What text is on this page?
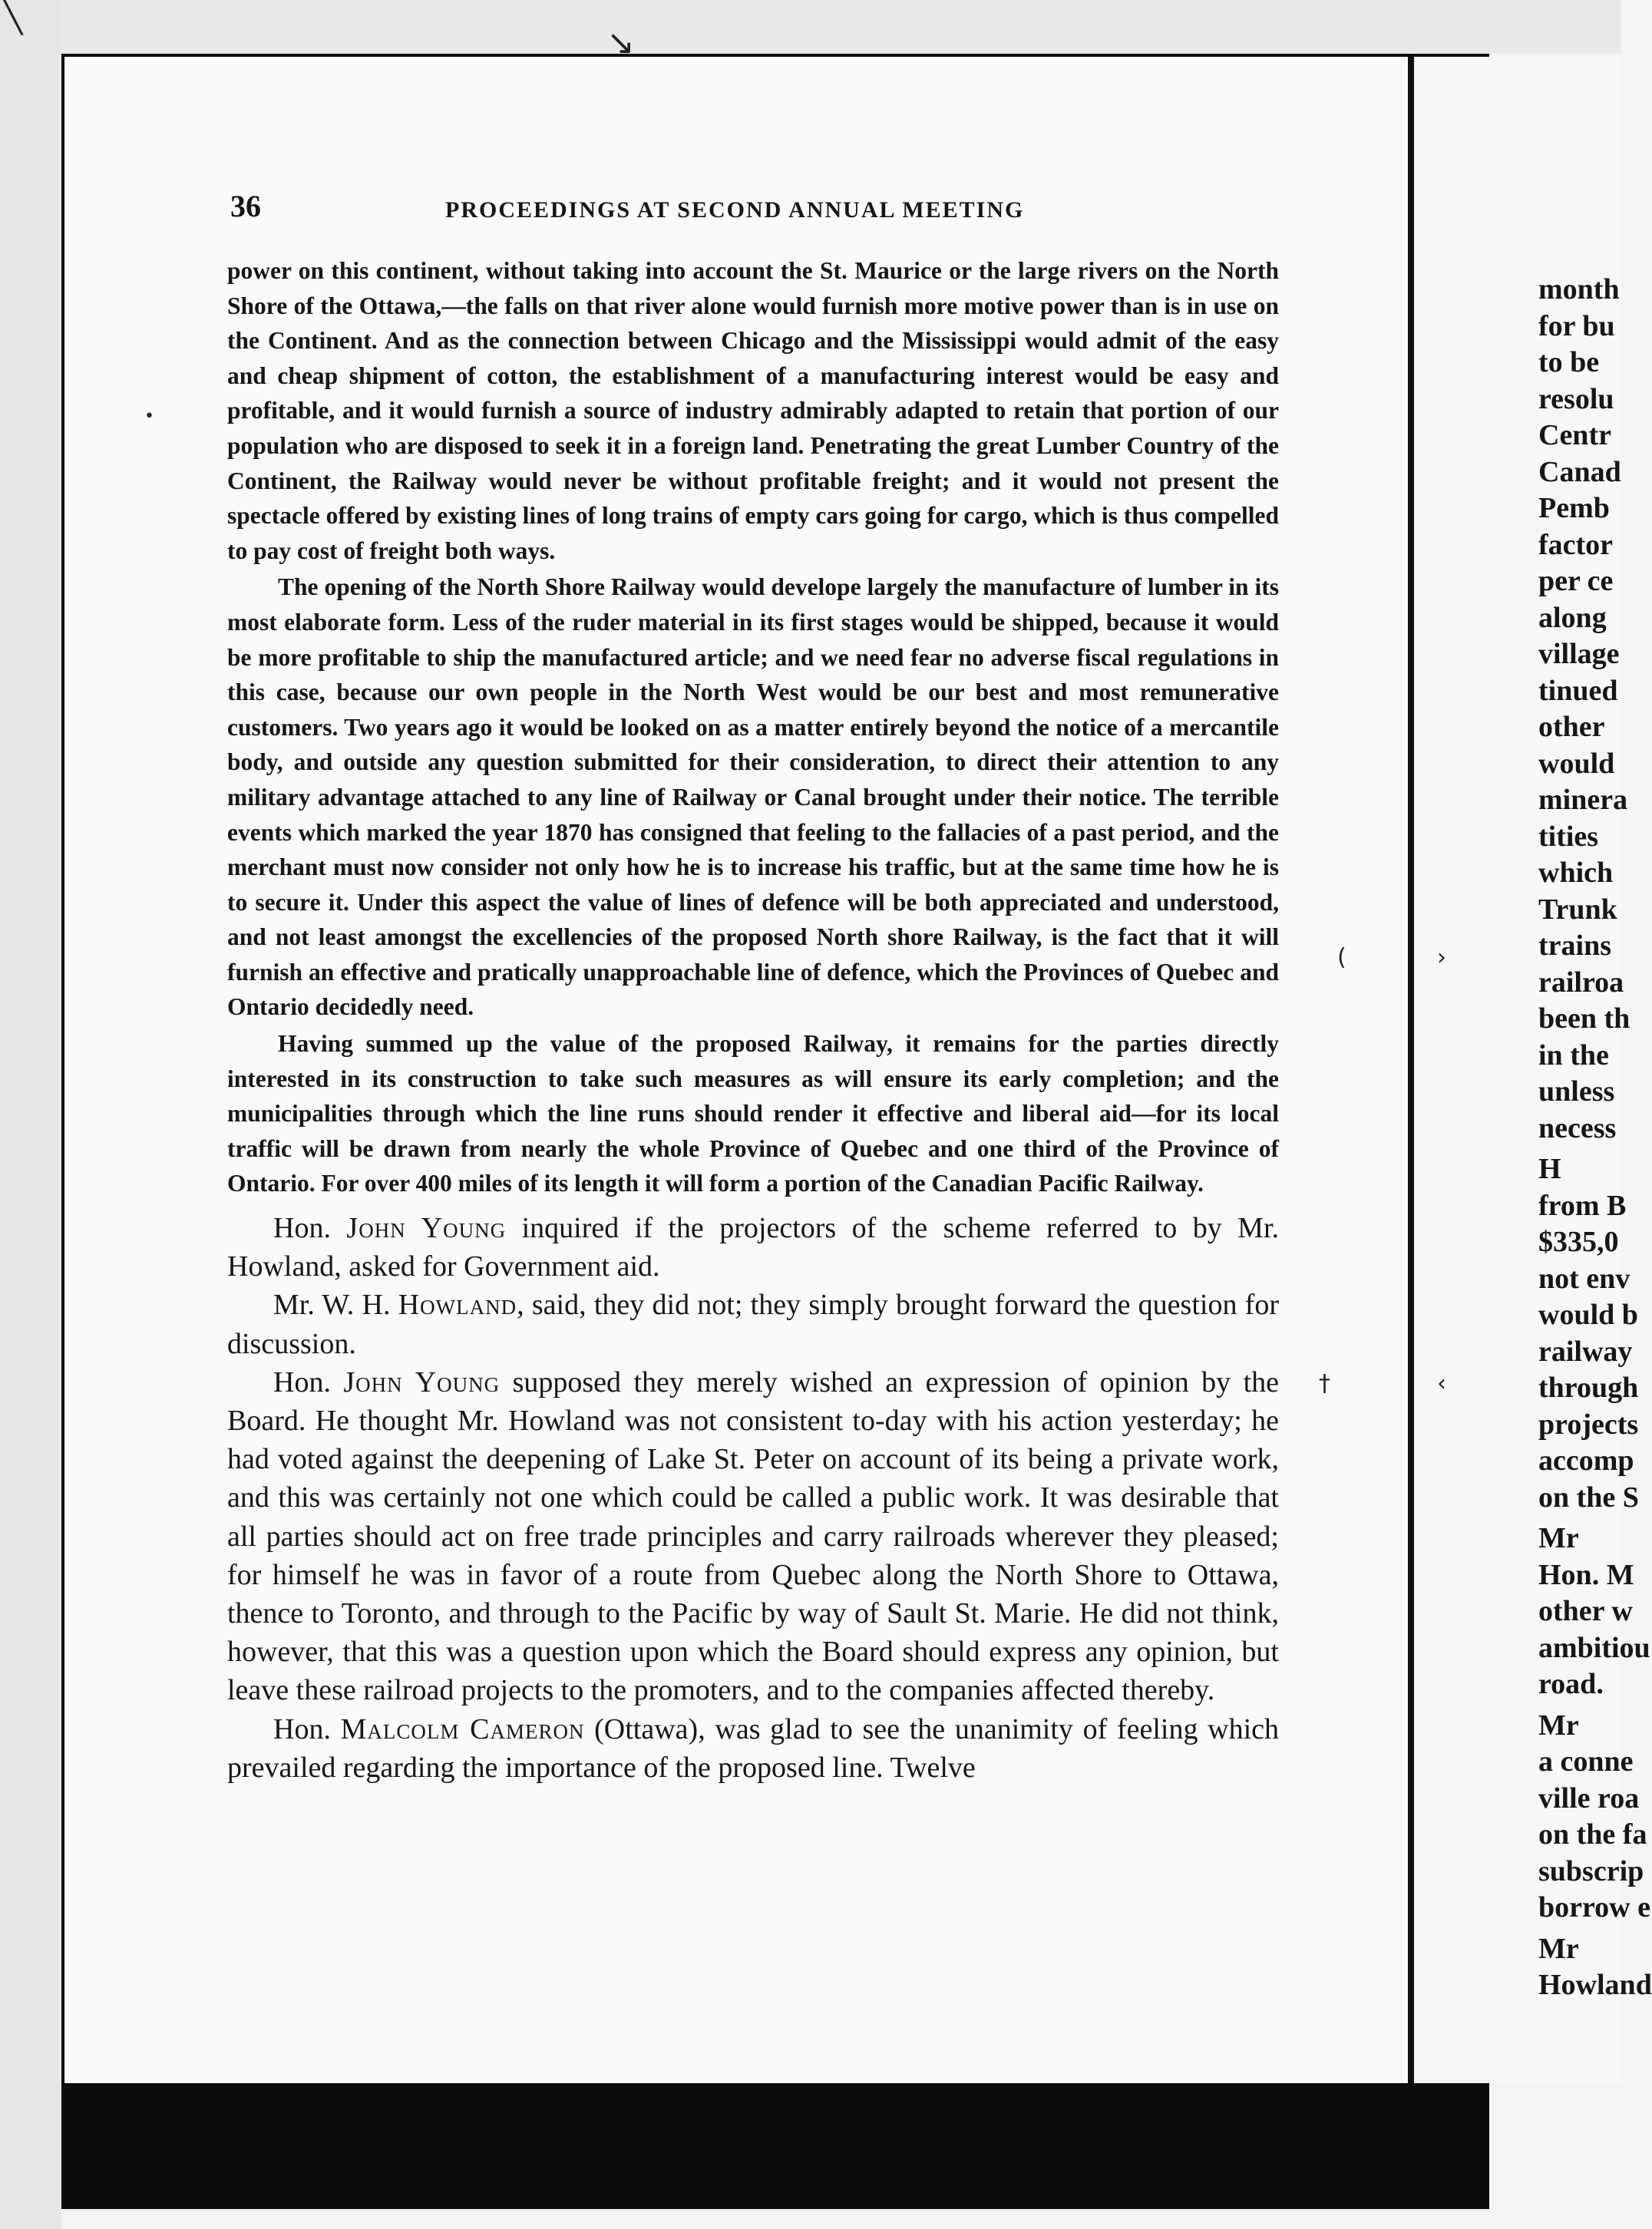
month
for bu
to be
resolu
Centr
Canad
Pemb
factor
per ce
along
village
tinued
other
would
minera
tities
which
Trunk
trains
railroa
been th
in the
unless
necess
H
from B
$335,0
not env
would b
railway
through
projects
accomp
on the S
Mr
Hon. M
other w
ambitiou
road.
Mr
a conne
ville roa
on the fa
subscrip
borrow e
Mr
Howland
36	PROCEEDINGS AT SECOND ANNUAL MEETING

power on this continent, without taking into account the St. Maurice or the large rivers on the North Shore of the Ottawa,—the falls on that river alone would furnish more motive power than is in use on the Continent. And as the connection between Chicago and the Mississippi would admit of the easy and cheap shipment of cotton, the establishment of a manufacturing interest would be easy and profitable, and it would furnish a source of industry admirably adapted to retain that portion of our population who are disposed to seek it in a foreign land. Penetrating the great Lumber Country of the Continent, the Railway would never be without profitable freight; and it would not present the spectacle offered by existing lines of long trains of empty cars going for cargo, which is thus compelled to pay cost of freight both ways.

The opening of the North Shore Railway would develope largely the manufacture of lumber in its most elaborate form. Less of the ruder material in its first stages would be shipped, because it would be more profitable to ship the manufactured article; and we need fear no adverse fiscal regulations in this case, because our own people in the North West would be our best and most remunerative customers. Two years ago it would be looked on as a matter entirely beyond the notice of a mercantile body, and outside any question submitted for their consideration, to direct their attention to any military advantage attached to any line of Railway or Canal brought under their notice. The terrible events which marked the year 1870 has consigned that feeling to the fallacies of a past period, and the merchant must now consider not only how he is to increase his traffic, but at the same time how he is to secure it. Under this aspect the value of lines of defence will be both appreciated and understood, and not least amongst the excellencies of the proposed North shore Railway, is the fact that it will furnish an effective and pratically unapproachable line of defence, which the Provinces of Quebec and Ontario decidedly need.

Having summed up the value of the proposed Railway, it remains for the parties directly interested in its construction to take such measures as will ensure its early completion; and the municipalities through which the line runs should render it effective and liberal aid—for its local traffic will be drawn from nearly the whole Province of Quebec and one third of the Province of Ontario. For over 400 miles of its length it will form a portion of the Canadian Pacific Railway.

Hon. John Young inquired if the projectors of the scheme referred to by Mr. Howland, asked for Government aid.

Mr. W. H. Howland, said, they did not; they simply brought forward the question for discussion.

Hon. John Young supposed they merely wished an expression of opinion by the Board. He thought Mr. Howland was not consistent to-day with his action yesterday; he had voted against the deepening of Lake St. Peter on account of its being a private work, and this was certainly not one which could be called a public work. It was desirable that all parties should act on free trade principles and carry railroads wherever they pleased; for himself he was in favor of a route from Quebec along the North Shore to Ottawa, thence to Toronto, and through to the Pacific by way of Sault St. Marie. He did not think, however, that this was a question upon which the Board should express any opinion, but leave these railroad projects to the promoters, and to the companies affected thereby.

Hon. Malcolm Cameron (Ottawa), was glad to see the unanimity of feeling which prevailed regarding the importance of the proposed line. Twelve

╲
↘
•
(	›
†	‹
